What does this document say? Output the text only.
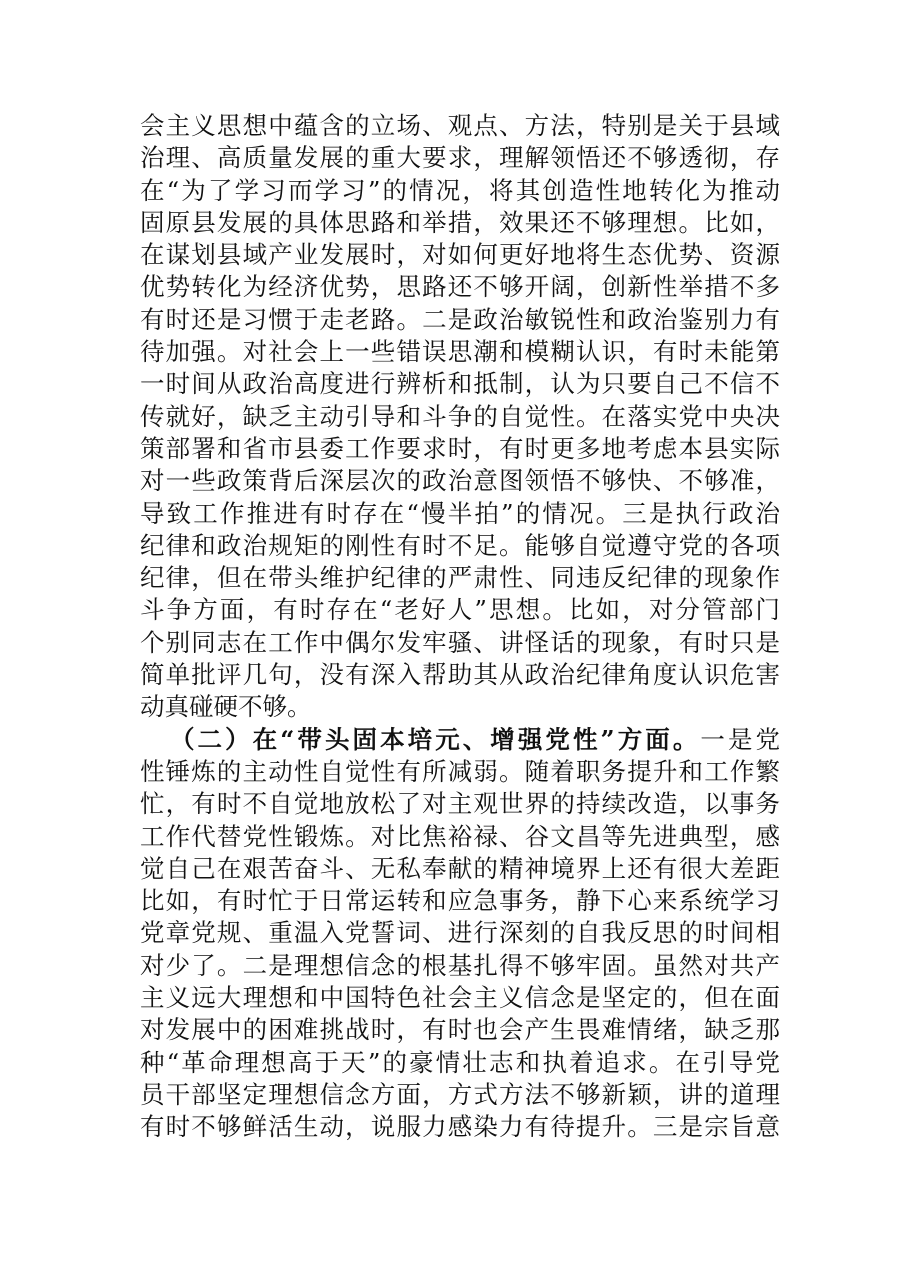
会主义思想中蕴含的立场、观点、方法，特别是关于县域
治理、高质量发展的重大要求，理解领悟还不够透彻，存
在“为了学习而学习”的情况，将其创造性地转化为推动
固原县发展的具体思路和举措，效果还不够理想。比如，
在谋划县域产业发展时，对如何更好地将生态优势、资源
优势转化为经济优势，思路还不够开阔，创新性举措不多
有时还是习惯于走老路。二是政治敏锐性和政治鉴别力有
待加强。对社会上一些错误思潮和模糊认识，有时未能第
一时间从政治高度进行辨析和抵制，认为只要自己不信不
传就好，缺乏主动引导和斗争的自觉性。在落实党中央决
策部署和省市县委工作要求时，有时更多地考虑本县实际
对一些政策背后深层次的政治意图领悟不够快、不够准，
导致工作推进有时存在“慢半拍”的情况。三是执行政治
纪律和政治规矩的刚性有时不足。能够自觉遵守党的各项
纪律，但在带头维护纪律的严肃性、同违反纪律的现象作
斗争方面，有时存在“老好人”思想。比如，对分管部门
个别同志在工作中偶尔发牢骚、讲怪话的现象，有时只是
简单批评几句，没有深入帮助其从政治纪律角度认识危害
动真碰硬不够。
（二）在“带头固本培元、增强党性”方面。一是党
性锤炼的主动性自觉性有所减弱。随着职务提升和工作繁
忙，有时不自觉地放松了对主观世界的持续改造，以事务
工作代替党性锻炼。对比焦裕禄、谷文昌等先进典型，感
觉自己在艰苦奋斗、无私奉献的精神境界上还有很大差距
比如，有时忙于日常运转和应急事务，静下心来系统学习
党章党规、重温入党誓词、进行深刻的自我反思的时间相
对少了。二是理想信念的根基扎得不够牢固。虽然对共产
主义远大理想和中国特色社会主义信念是坚定的，但在面
对发展中的困难挑战时，有时也会产生畏难情绪，缺乏那
种“革命理想高于天”的豪情壮志和执着追求。在引导党
员干部坚定理想信念方面，方式方法不够新颖，讲的道理
有时不够鲜活生动，说服力感染力有待提升。三是宗旨意
